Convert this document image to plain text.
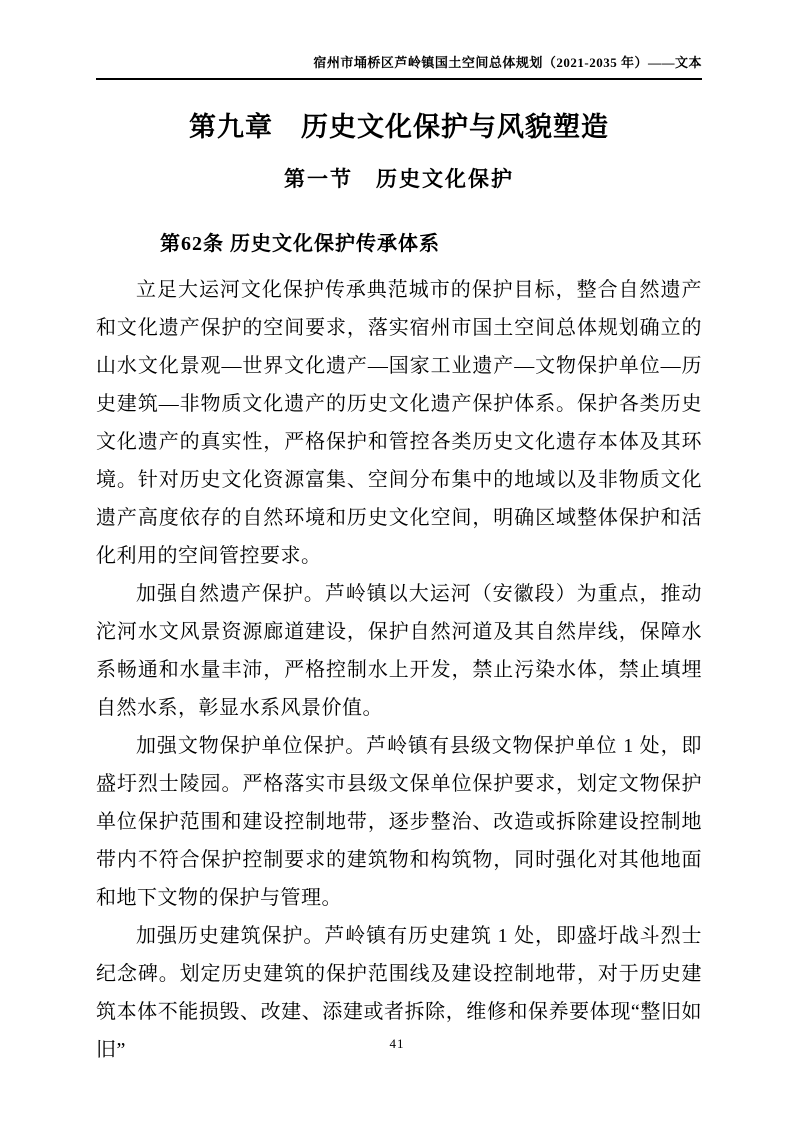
宿州市埇桥区芦岭镇国土空间总体规划（2021-2035 年）——文本
第九章　历史文化保护与风貌塑造
第一节　历史文化保护
第62条 历史文化保护传承体系

立足大运河文化保护传承典范城市的保护目标，整合自然遗产和文化遗产保护的空间要求，落实宿州市国土空间总体规划确立的山水文化景观—世界文化遗产—国家工业遗产—文物保护单位—历史建筑—非物质文化遗产的历史文化遗产保护体系。保护各类历史文化遗产的真实性，严格保护和管控各类历史文化遗存本体及其环境。针对历史文化资源富集、空间分布集中的地域以及非物质文化遗产高度依存的自然环境和历史文化空间，明确区域整体保护和活化利用的空间管控要求。

加强自然遗产保护。芦岭镇以大运河（安徽段）为重点，推动沱河水文风景资源廊道建设，保护自然河道及其自然岸线，保障水系畅通和水量丰沛，严格控制水上开发，禁止污染水体，禁止填埋自然水系，彰显水系风景价值。

加强文物保护单位保护。芦岭镇有县级文物保护单位 1 处，即盛圩烈士陵园。严格落实市县级文保单位保护要求，划定文物保护单位保护范围和建设控制地带，逐步整治、改造或拆除建设控制地带内不符合保护控制要求的建筑物和构筑物，同时强化对其他地面和地下文物的保护与管理。

加强历史建筑保护。芦岭镇有历史建筑 1 处，即盛圩战斗烈士纪念碑。划定历史建筑的保护范围线及建设控制地带，对于历史建筑本体不能损毁、改建、添建或者拆除，维修和保养要体现“整旧如旧”	41
